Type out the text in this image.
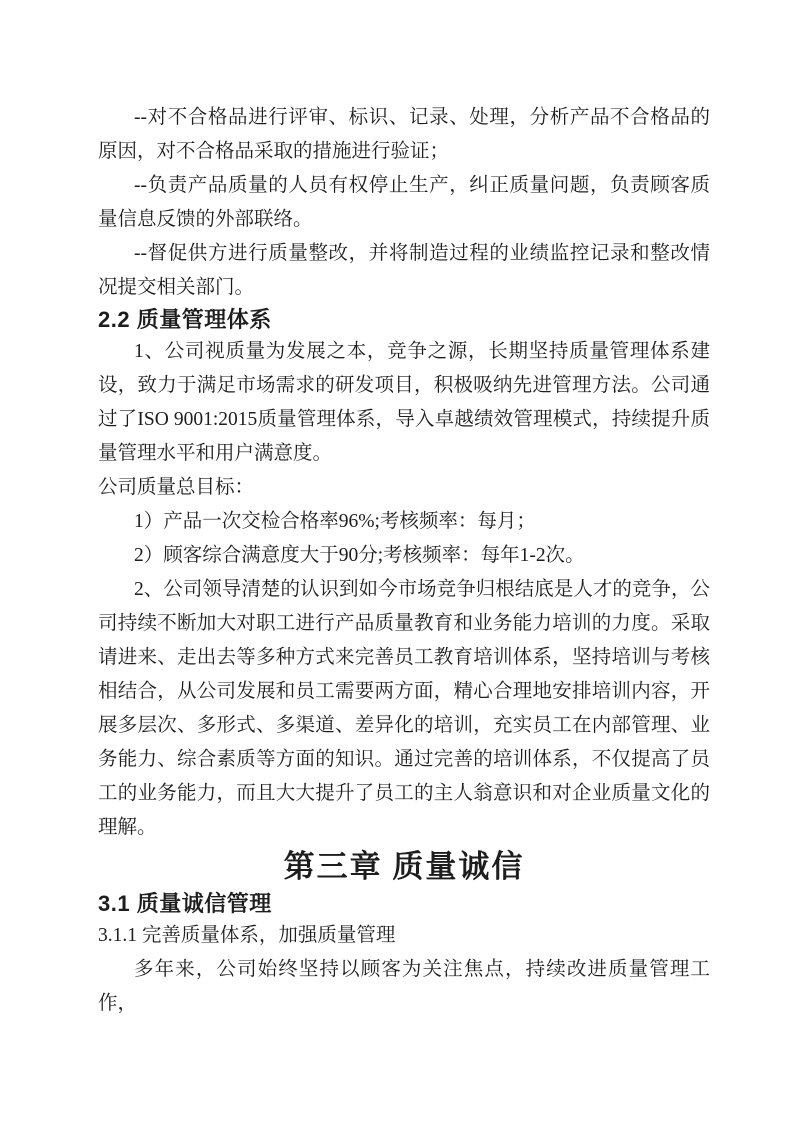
--对不合格品进行评审、标识、记录、处理，分析产品不合格品的原因，对不合格品采取的措施进行验证；

--负责产品质量的人员有权停止生产，纠正质量问题，负责顾客质量信息反馈的外部联络。

--督促供方进行质量整改，并将制造过程的业绩监控记录和整改情况提交相关部门。

2.2 质量管理体系

1、公司视质量为发展之本，竞争之源，长期坚持质量管理体系建设，致力于满足市场需求的研发项目，积极吸纳先进管理方法。公司通过了ISO 9001:2015质量管理体系，导入卓越绩效管理模式，持续提升质量管理水平和用户满意度。

公司质量总目标：

1）产品一次交检合格率96%;考核频率：每月；

2）顾客综合满意度大于90分;考核频率：每年1-2次。

2、公司领导清楚的认识到如今市场竞争归根结底是人才的竞争，公司持续不断加大对职工进行产品质量教育和业务能力培训的力度。采取请进来、走出去等多种方式来完善员工教育培训体系，坚持培训与考核相结合，从公司发展和员工需要两方面，精心合理地安排培训内容，开展多层次、多形式、多渠道、差异化的培训，充实员工在内部管理、业务能力、综合素质等方面的知识。通过完善的培训体系，不仅提高了员工的业务能力，而且大大提升了员工的主人翁意识和对企业质量文化的理解。

第三章 质量诚信
3.1 质量诚信管理

3.1.1 完善质量体系，加强质量管理

多年来，公司始终坚持以顾客为关注焦点，持续改进质量管理工作，
